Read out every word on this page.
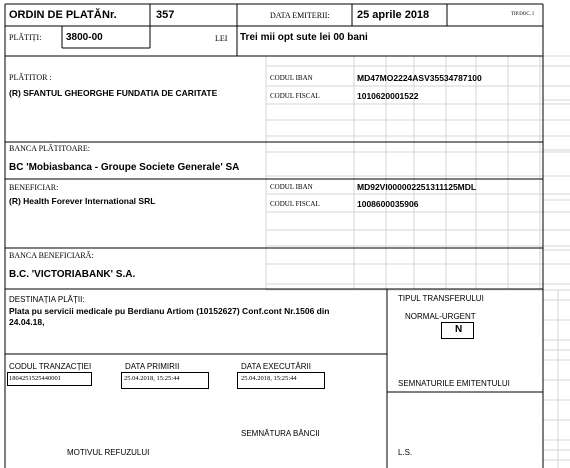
ORDIN DE PLATĂ Nr.	357	DATA EMITERII: 25 aprile 2018	TIP.DOC. I
PLĂTIȚI: 3800-00	LEI Trei mii opt sute lei 00 bani
PLĂTITOR :
(R) SFANTUL GHEORGHE FUNDATIA DE CARITATE
CODUL IBAN	MD47MO2224ASV35534787100
CODUL FISCAL	1010620001522
BANCA PLĂTITOARE:
BC 'Mobiasbanca - Groupe Societe Generale' SA
BENEFICIAR:
(R) Health Forever International SRL
CODUL IBAN	MD92VI000002251311125MDL
CODUL FISCAL	1008600035906
BANCA BENEFICIARĂ:
B.C. 'VICTORIABANK' S.A.
DESTINAȚIA PLĂȚII:
Plata pu servicii medicale pu Berdianu Artiom (10152627) Conf.cont Nr.1506 din
24.04.18,
TIPUL TRANSFERULUI
NORMAL-URGENT
N
CODUL TRANZACȚIEI
1804251525440001
DATA PRIMIRII
25.04.2018, 15:25:44
DATA EXECUTĂRII
25.04.2018, 15:25:44
SEMNATURILE EMITENTULUI
SEMNĂTURA BĂNCII
MOTIVUL REFUZULUI	L.S.
